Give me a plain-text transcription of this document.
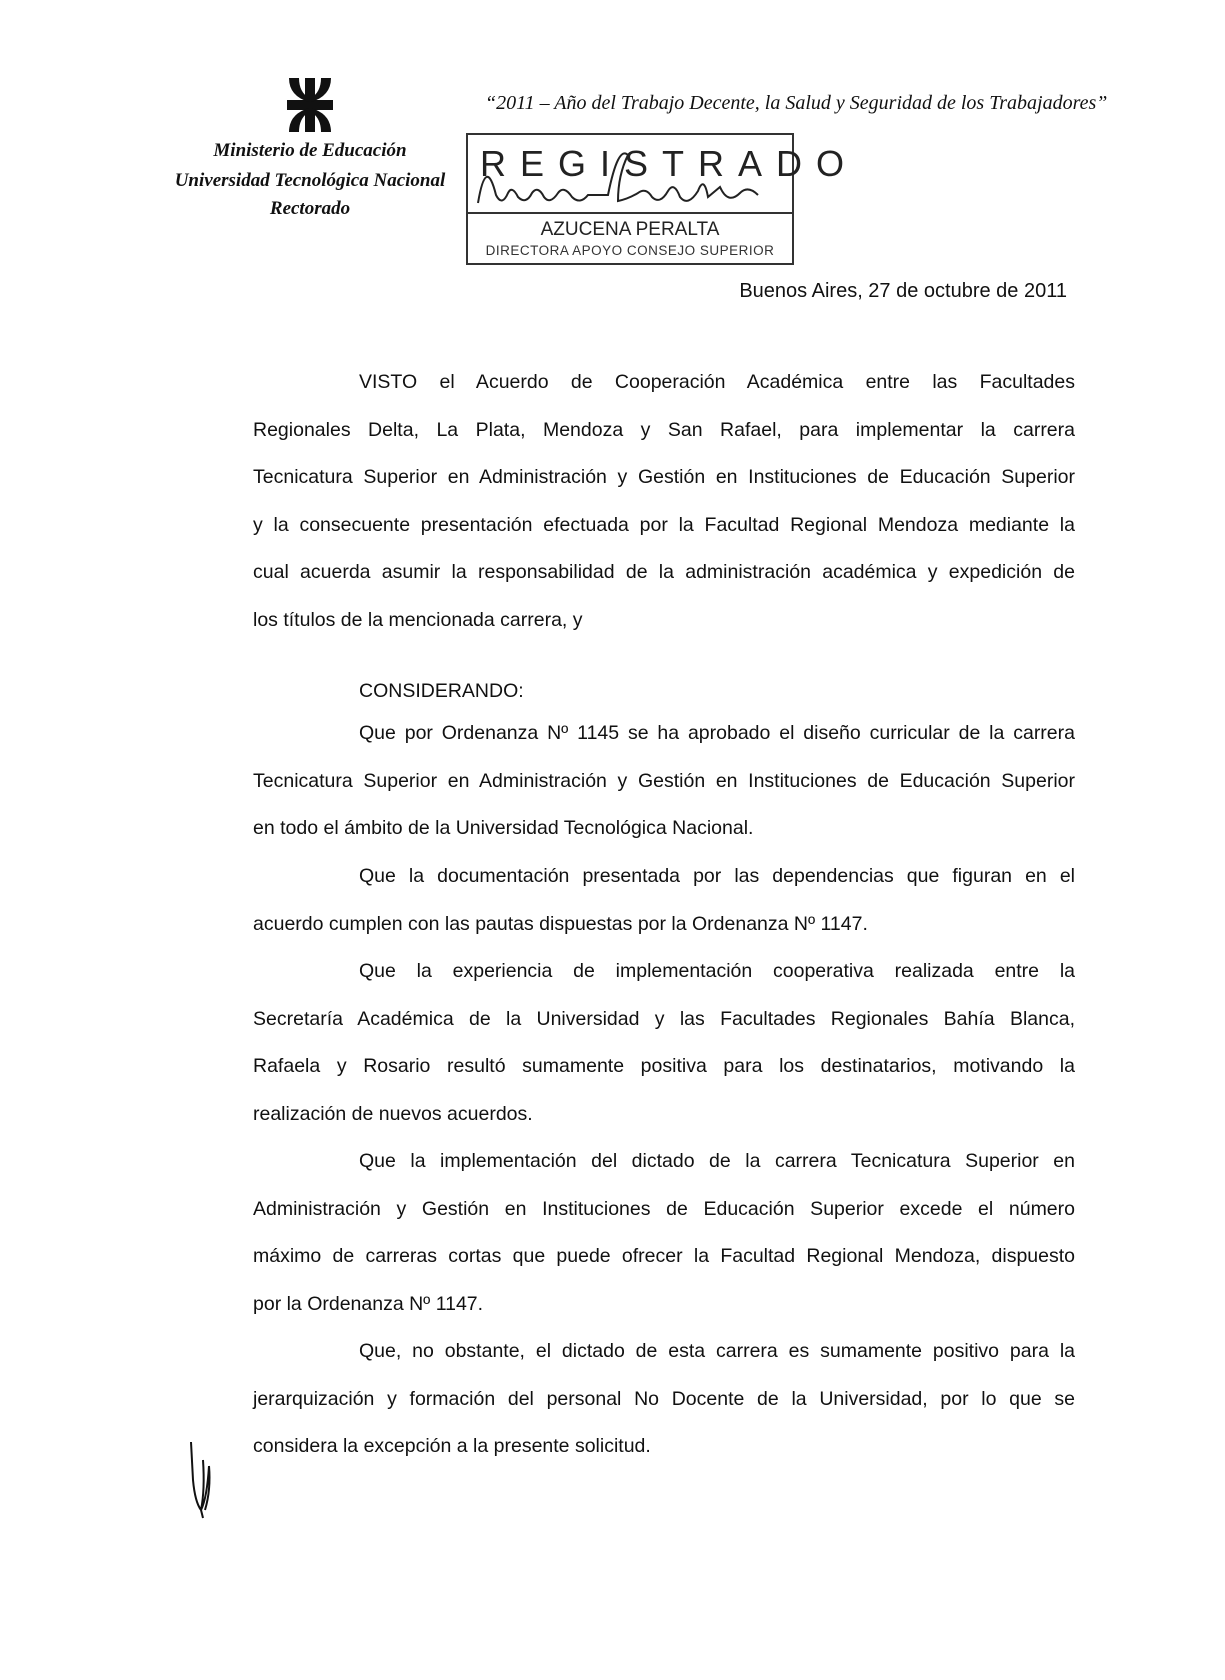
Ministerio de Educación
Universidad Tecnológica Nacional
Rectorado
“2011 – Año del Trabajo Decente, la Salud y Seguridad de los Trabajadores”
REGISTRADO
AZUCENA PERALTA
DIRECTORA APOYO CONSEJO SUPERIOR
Buenos Aires, 27 de octubre de 2011
VISTO el Acuerdo de Cooperación Académica entre las Facultades
Regionales Delta, La Plata, Mendoza y San Rafael, para implementar la carrera
Tecnicatura Superior en Administración y Gestión en Instituciones de Educación Superior
y la consecuente presentación efectuada por la Facultad Regional Mendoza mediante la
cual acuerda asumir la responsabilidad de la administración académica y expedición de
los títulos de la mencionada carrera, y
CONSIDERANDO:
Que por Ordenanza Nº 1145 se ha aprobado el diseño curricular de la carrera
Tecnicatura Superior en Administración y Gestión en Instituciones de Educación Superior
en todo el ámbito de la Universidad Tecnológica Nacional.
Que la documentación presentada por las dependencias que figuran en el
acuerdo cumplen con las pautas dispuestas por la Ordenanza Nº 1147.
Que la experiencia de implementación cooperativa realizada entre la
Secretaría Académica de la Universidad y las Facultades Regionales Bahía Blanca,
Rafaela y Rosario resultó sumamente positiva para los destinatarios, motivando la
realización de nuevos acuerdos.
Que la implementación del dictado de la carrera Tecnicatura Superior en
Administración y Gestión en Instituciones de Educación Superior excede el número
máximo de carreras cortas que puede ofrecer la Facultad Regional Mendoza, dispuesto
por la Ordenanza Nº 1147.
Que, no obstante, el dictado de esta carrera es sumamente positivo para la
jerarquización y formación del personal No Docente de la Universidad, por lo que se
considera la excepción a la presente solicitud.
